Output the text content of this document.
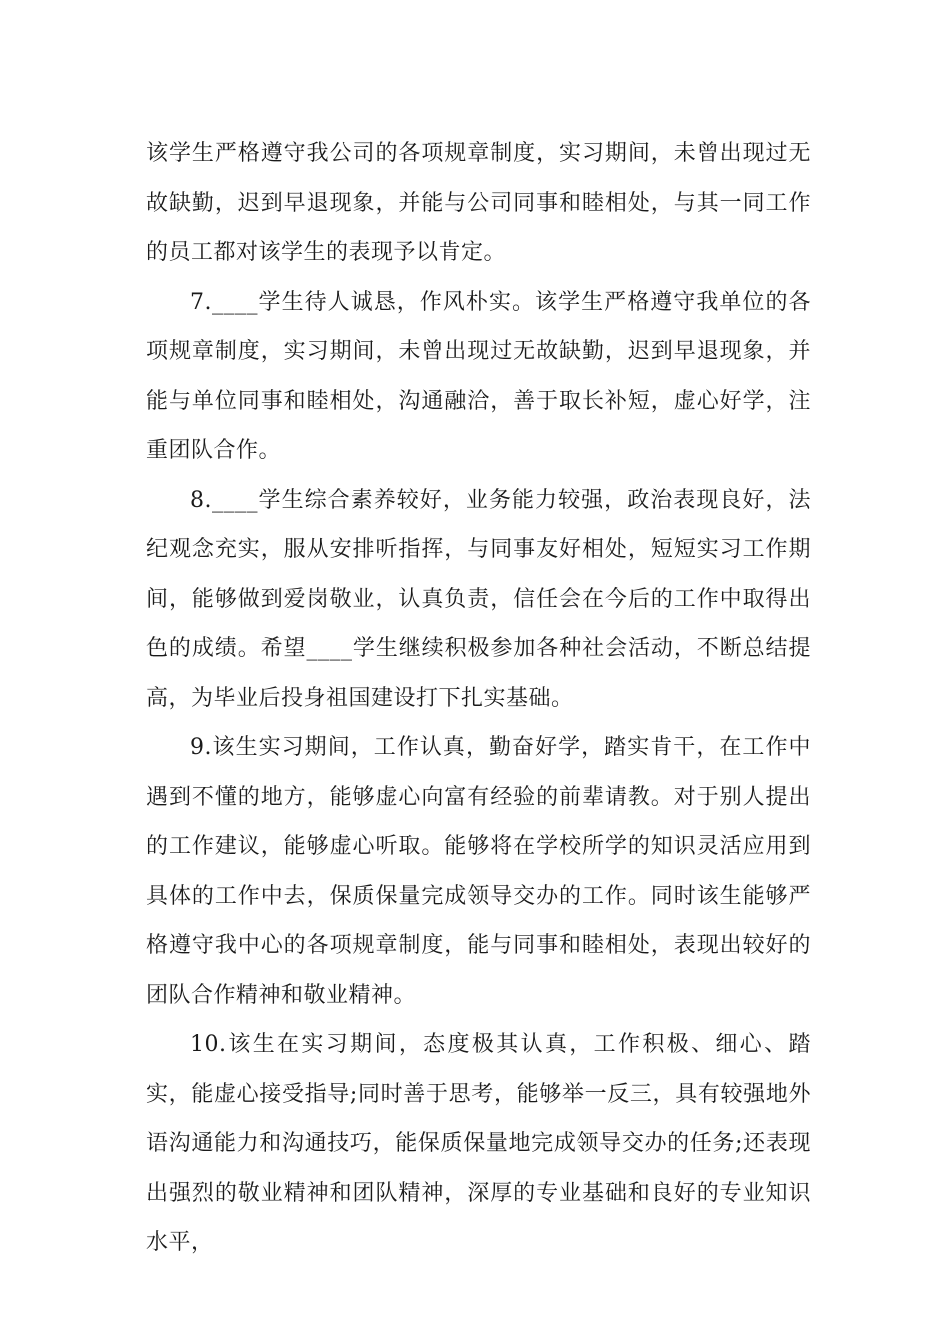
该学生严格遵守我公司的各项规章制度，实习期间，未曾出现过无故缺勤，迟到早退现象，并能与公司同事和睦相处，与其一同工作的员工都对该学生的表现予以肯定。

7.____学生待人诚恳，作风朴实。该学生严格遵守我单位的各项规章制度，实习期间，未曾出现过无故缺勤，迟到早退现象，并能与单位同事和睦相处，沟通融洽，善于取长补短，虚心好学，注重团队合作。

8.____学生综合素养较好，业务能力较强，政治表现良好，法纪观念充实，服从安排听指挥，与同事友好相处，短短实习工作期间，能够做到爱岗敬业，认真负责，信任会在今后的工作中取得出色的成绩。希望____学生继续积极参加各种社会活动，不断总结提高，为毕业后投身祖国建设打下扎实基础。

9.该生实习期间，工作认真，勤奋好学，踏实肯干，在工作中遇到不懂的地方，能够虚心向富有经验的前辈请教。对于别人提出的工作建议，能够虚心听取。能够将在学校所学的知识灵活应用到具体的工作中去，保质保量完成领导交办的工作。同时该生能够严格遵守我中心的各项规章制度，能与同事和睦相处，表现出较好的团队合作精神和敬业精神。

10.该生在实习期间，态度极其认真，工作积极、细心、踏实，能虚心接受指导;同时善于思考，能够举一反三，具有较强地外语沟通能力和沟通技巧，能保质保量地完成领导交办的任务;还表现出强烈的敬业精神和团队精神，深厚的专业基础和良好的专业知识水平，
